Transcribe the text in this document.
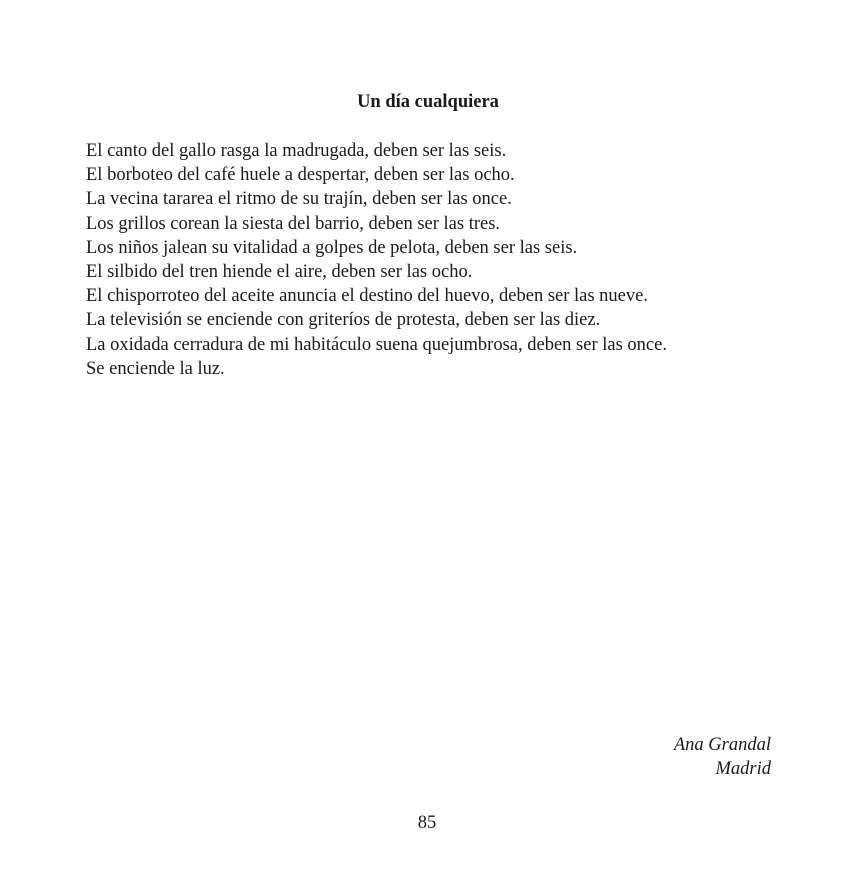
Un día cualquiera
El canto del gallo rasga la madrugada, deben ser las seis.
El borboteo del café huele a despertar, deben ser las ocho.
La vecina tararea el ritmo de su trajín, deben ser las once.
Los grillos corean la siesta del barrio, deben ser las tres.
Los niños jalean su vitalidad a golpes de pelota, deben ser las seis.
El silbido del tren hiende el aire, deben ser las ocho.
El chisporroteo del aceite anuncia el destino del huevo, deben ser las nueve.
La televisión se enciende con griteríos de protesta, deben ser las diez.
La oxidada cerradura de mi habitáculo suena quejumbrosa, deben ser las once.
Se enciende la luz.
Ana Grandal
Madrid
85
